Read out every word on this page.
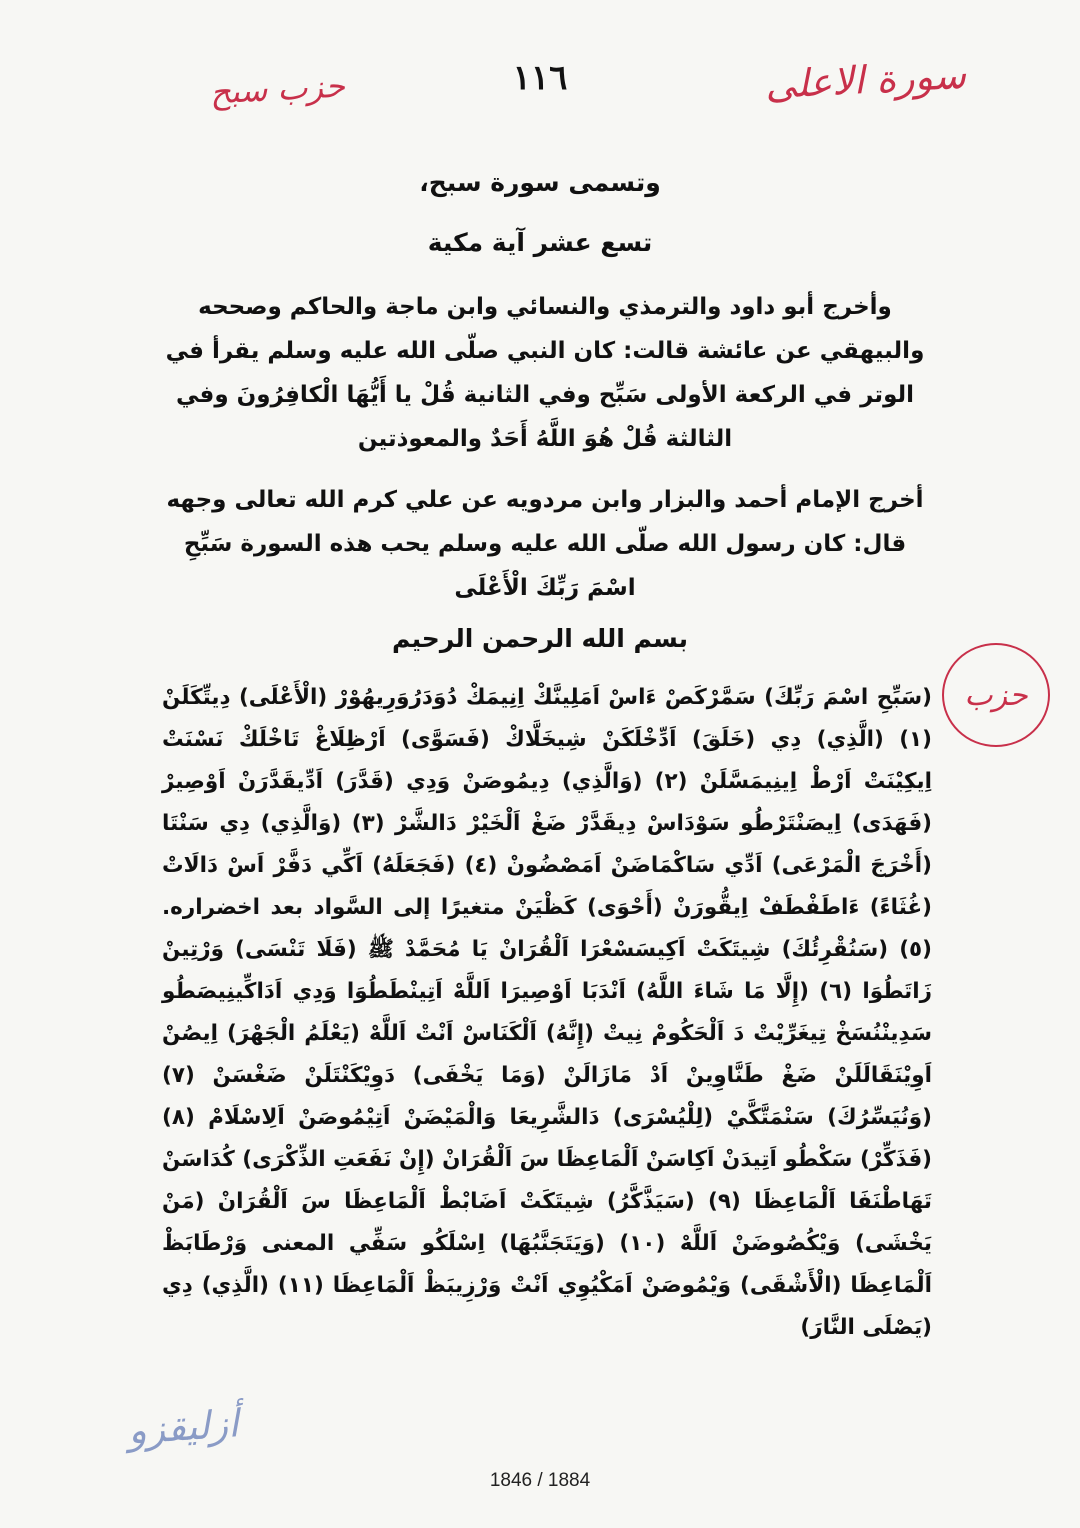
١١٦	سورة الاعلى
حزب سبح
وتسمى سورة سبح،
تسع عشر آية مكية

وأخرج أبو داود والترمذي والنسائي وابن ماجة والحاكم وصححه والبيهقي عن عائشة قالت: كان النبي صلّى الله عليه وسلم يقرأ في الوتر في الركعة الأولى سَبِّح وفي الثانية قُلْ يا أَيُّهَا الْكافِرُونَ وفي الثالثة قُلْ هُوَ اللَّهُ أَحَدٌ والمعوذتين

أخرج الإمام أحمد والبزار وابن مردويه عن علي كرم الله تعالى وجهه قال: كان رسول الله صلّى الله عليه وسلم يحب هذه السورة سَبِّحِ اسْمَ رَبِّكَ الْأَعْلَى

بسم الله الرحمن الرحيم

(سَبِّحِ اسْمَ رَبِّكَ) سَمَّرْكَصْ ءَاسْ اَمَلِينَّكْ اِنِيمَكْ دُوَدَرُوَرِيهُوْرْ (الْأَعْلَى) دِيتِّكَلَنْ (١) (الَّذِي) دِي (خَلَقَ) اَدِّخْلَكَنْ شِيخَلَّاكْ (فَسَوَّى) اَرْظِلَاغْ تَاخْلَكْ نَسْنَتْ اِيكِيْنَتْ اَرْطْ اِينِيمَسَّلَنْ (٢) (وَالَّذِي) دِيمُوصَنْ وَدِي (قَدَّرَ) اَدِّيقَدَّرَنْ اَوْصِيرْ (فَهَدَى) اِيصَنْتَرْطُو سَوْدَاسْ دِيقَدَّرْ ضَغْ اَلْخَيْرْ دَالشَّرْ (٣) (وَالَّذِي) دِي سَنْتَا (أَخْرَجَ الْمَرْعَى) اَدِّي سَاكْمَاضَنْ اَمَصْضُونْ (٤) (فَجَعَلَهُ) اَكِّي دَفَّرْ اَسْ دَالَاتْ (غُثَاءً) ءَاطَفْطَفْ اِيقُّورَنْ (أَحْوَى) كَظْيَنْ متغيرًا إلى السَّواد بعد اخضراره. (٥) (سَنُقْرِئُكَ) شِيتَكَتْ اَكِيسَسْعْرَا اَلْقُرَانْ يَا مُحَمَّدْ ﷺ (فَلَا تَنْسَى) وَرْتِينْ زَاتَطُوَا (٦) (إِلَّا مَا شَاءَ اللَّهُ) اَنْدَبَا اَوْصِيرَا اَللَّهْ اَتِينْطَطُوَا وَدِي اَدَاكِّينِيصَطُو سَدِينْنُسَخْ تِيغَرِّيْتْ دَ اَلْحَكُومْ نِيتْ (إِنَّهُ) اَلْكَنَاسْ اَنْتْ اَللَّهْ (يَعْلَمُ الْجَهْرَ) اِيصُنْ اَوِيْنَقَالَلَنْ ضَغْ طَنَّاوِينْ اَدْ مَازَالَنْ (وَمَا يَخْفَى) دَوِيْكَنْتَلَنْ ضَغْسَنْ (٧) (وَنُيَسِّرُكَ) سَنْمَتَّكَّيْ (لِلْيُسْرَى) دَالشَّرِيعَا وَالْمَيْضَنْ اَتِيْمُوصَنْ اَلِاسْلَامْ (٨) (فَذَكِّرْ) سَكْطُو اَتِيدَنْ اَكِاسَنْ اَلْمَاعِظَا سَ اَلْقُرَانْ (إِنْ نَفَعَتِ الذِّكْرَى) كُدَاسَنْ تَهَاطْنَفَا اَلْمَاعِظَا (٩) (سَيَذَّكَّرُ) شِيتَكَتْ اَضَابْطْ اَلْمَاعِظَا سَ اَلْقُرَانْ (مَنْ يَخْشَى) وَيْكُصُوضَنْ اَللَّهْ (١٠) (وَيَتَجَنَّبُهَا) اِسْلَكُو سَفِّي المعنى وَرْطَابَظْ اَلْمَاعِظَا (الْأَشْقَى) وَيْمُوصَنْ اَمَكْيُوِي اَنْتْ وَرْزِيبَظْ اَلْمَاعِظَا (١١) (الَّذِي) دِي (يَصْلَى النَّارَ)

حزب
أزليقزو
1846 / 1884
